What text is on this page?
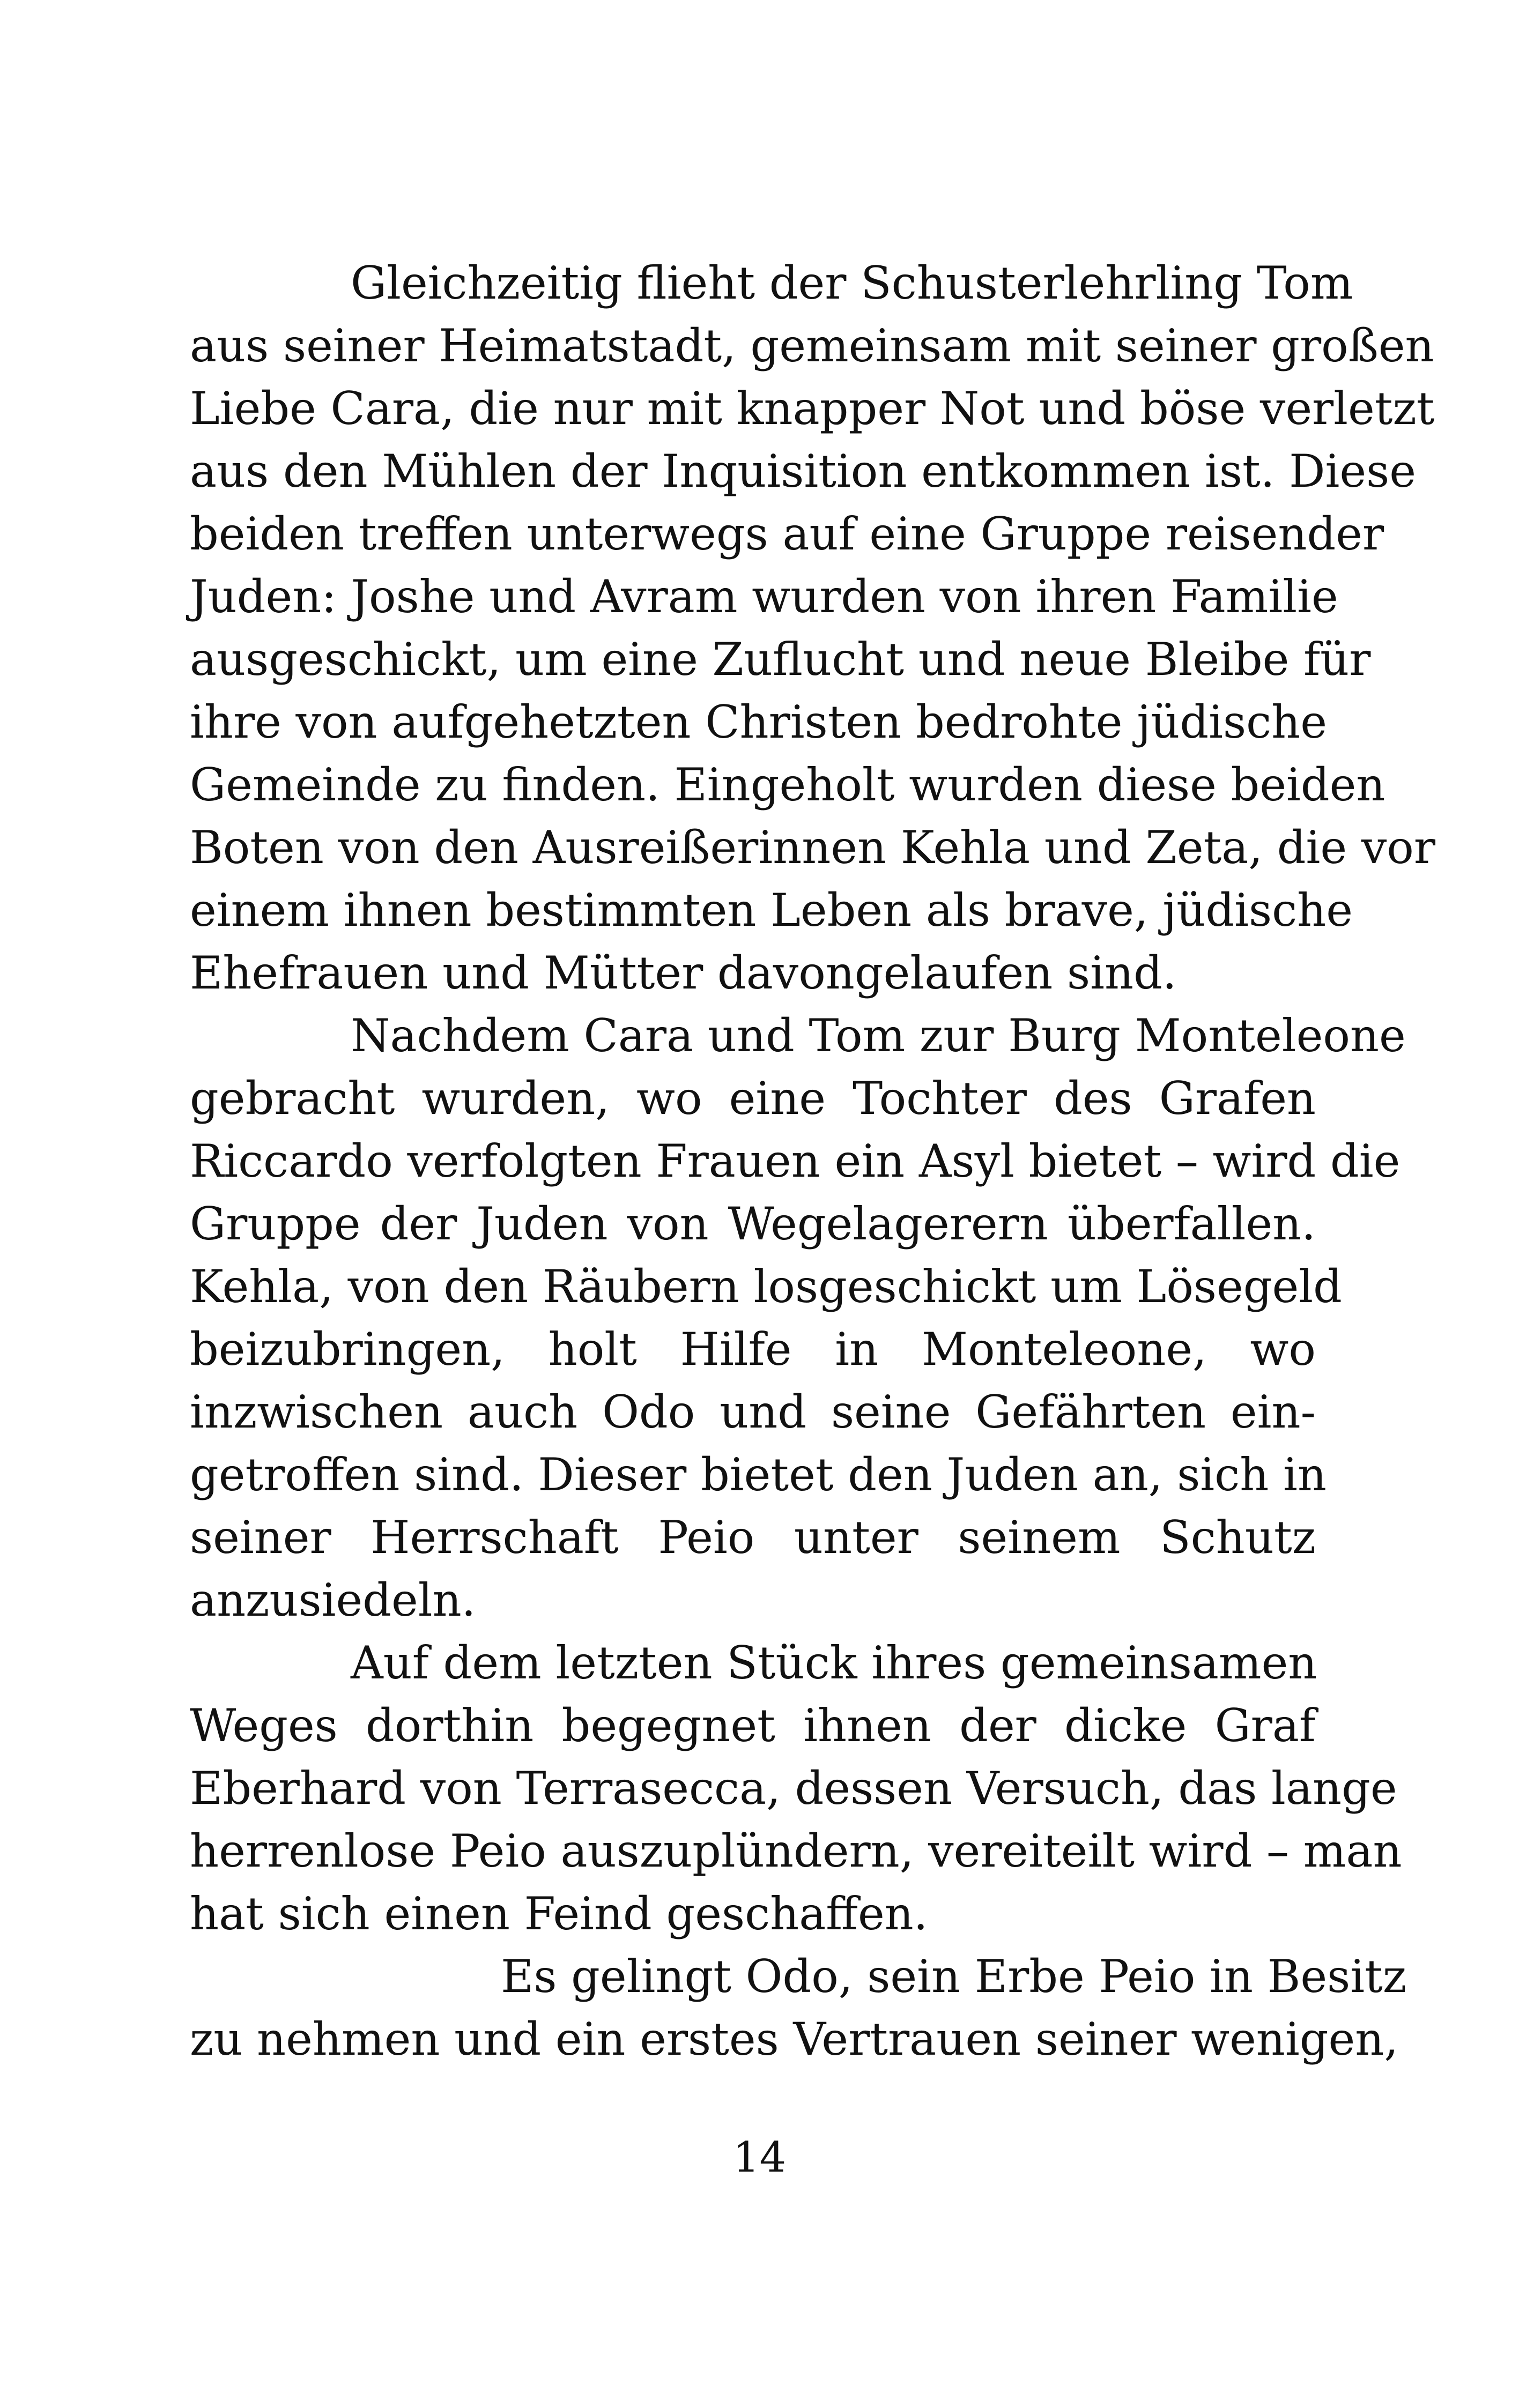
Gleichzeitig flieht der Schusterlehrling Tom
aus seiner Heimatstadt, gemeinsam mit seiner großen
Liebe Cara, die nur mit knapper Not und böse verletzt
aus den Mühlen der Inquisition entkommen ist. Diese
beiden treffen unterwegs auf eine Gruppe reisender
Juden: Joshe und Avram wurden von ihren Familie
ausgeschickt, um eine Zuflucht und neue Bleibe für
ihre von aufgehetzten Christen bedrohte jüdische
Gemeinde zu finden. Eingeholt wurden diese beiden
Boten von den Ausreißerinnen Kehla und Zeta, die vor
einem ihnen bestimmten Leben als brave, jüdische
Ehefrauen und Mütter davongelaufen sind.
Nachdem Cara und Tom zur Burg Monteleone
gebracht wurden, wo eine Tochter des Grafen
Riccardo verfolgten Frauen ein Asyl bietet – wird die
Gruppe der Juden von Wegelagerern überfallen.
Kehla, von den Räubern losgeschickt um Lösegeld
beizubringen, holt Hilfe in Monteleone, wo
inzwischen auch Odo und seine Gefährten ein-
getroffen sind. Dieser bietet den Juden an, sich in
seiner Herrschaft Peio unter seinem Schutz
anzusiedeln.
Auf dem letzten Stück ihres gemeinsamen
Weges dorthin begegnet ihnen der dicke Graf
Eberhard von Terrasecca, dessen Versuch, das lange
herrenlose Peio auszuplündern, vereiteilt wird – man
hat sich einen Feind geschaffen.
Es gelingt Odo, sein Erbe Peio in Besitz
zu nehmen und ein erstes Vertrauen seiner wenigen,
14
